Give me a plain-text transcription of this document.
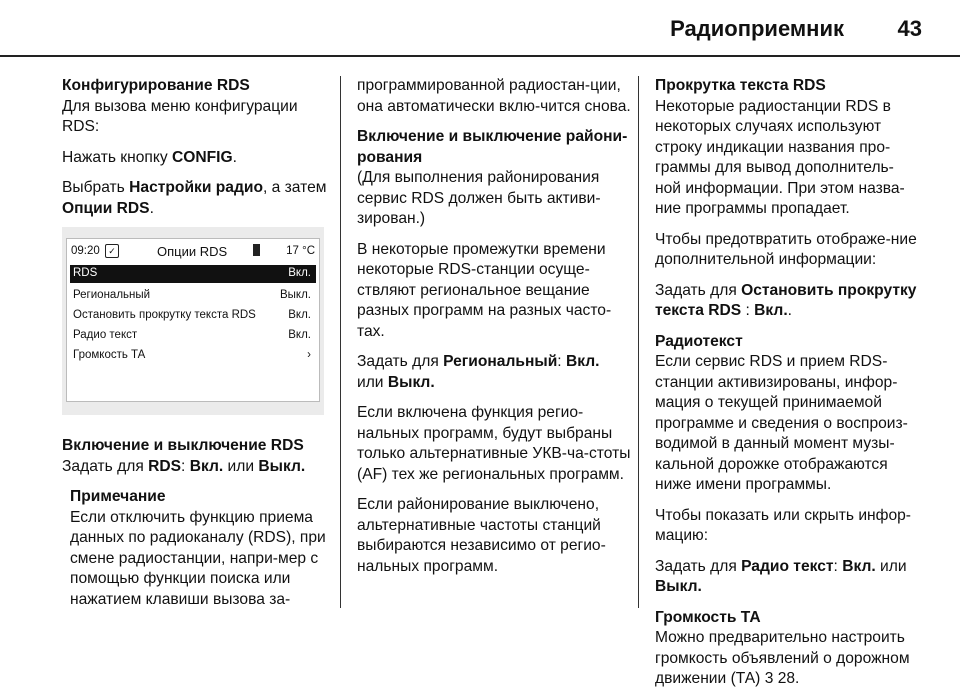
Радиоприемник 43
Конфигурирование RDS

Для вызова меню конфигурации RDS:

Нажать кнопку CONFIG.

Выбрать Настройки радио, а затем Опции RDS.

09:20 ✓	Опции RDS	17 °C
RDS	Вкл.
Региональный	Выкл.
Остановить прокрутку текста RDS	Вкл.
Радио текст	Вкл.
Громкость ТА	›
Включение и выключение RDS

Задать для RDS: Вкл. или Выкл.

Примечание

Если отключить функцию приема данных по радиоканалу (RDS), при смене радиостанции, напри-мер с помощью функции поиска или нажатием клавиши вызова за-

программированной радиостан-ции, она автоматически вклю-чится снова.

Включение и выключение райони-рования

(Для выполнения районирования сервис RDS должен быть активи-зирован.)

В некоторые промежутки времени некоторые RDS-станции осуще-ствляют региональное вещание разных программ на разных часто-тах.

Задать для Региональный: Вкл.
или Выкл.

Если включена функция регио-нальных программ, будут выбраны только альтернативные УКВ-ча-стоты (AF) тех же региональных программ.

Если районирование выключено, альтернативные частоты станций выбираются независимо от регио-нальных программ.

Прокрутка текста RDS

Некоторые радиостанции RDS в некоторых случаях используют строку индикации названия про-граммы для вывод дополнитель-ной информации. При этом назва-ние программы пропадает.

Чтобы предотвратить отображе-ние дополнительной информации:

Задать для Остановить прокрутку текста RDS : Вкл..

Радиотекст

Если сервис RDS и прием RDS-станции активизированы, инфор-мация о текущей принимаемой программе и сведения о воспроиз-водимой в данный момент музы-кальной дорожке отображаются ниже имени программы.

Чтобы показать или скрыть инфор-мацию:

Задать для Радио текст: Вкл. или
Выкл.

Громкость ТА

Можно предварительно настроить громкость объявлений о дорожном движении (ТА) 3 28.
